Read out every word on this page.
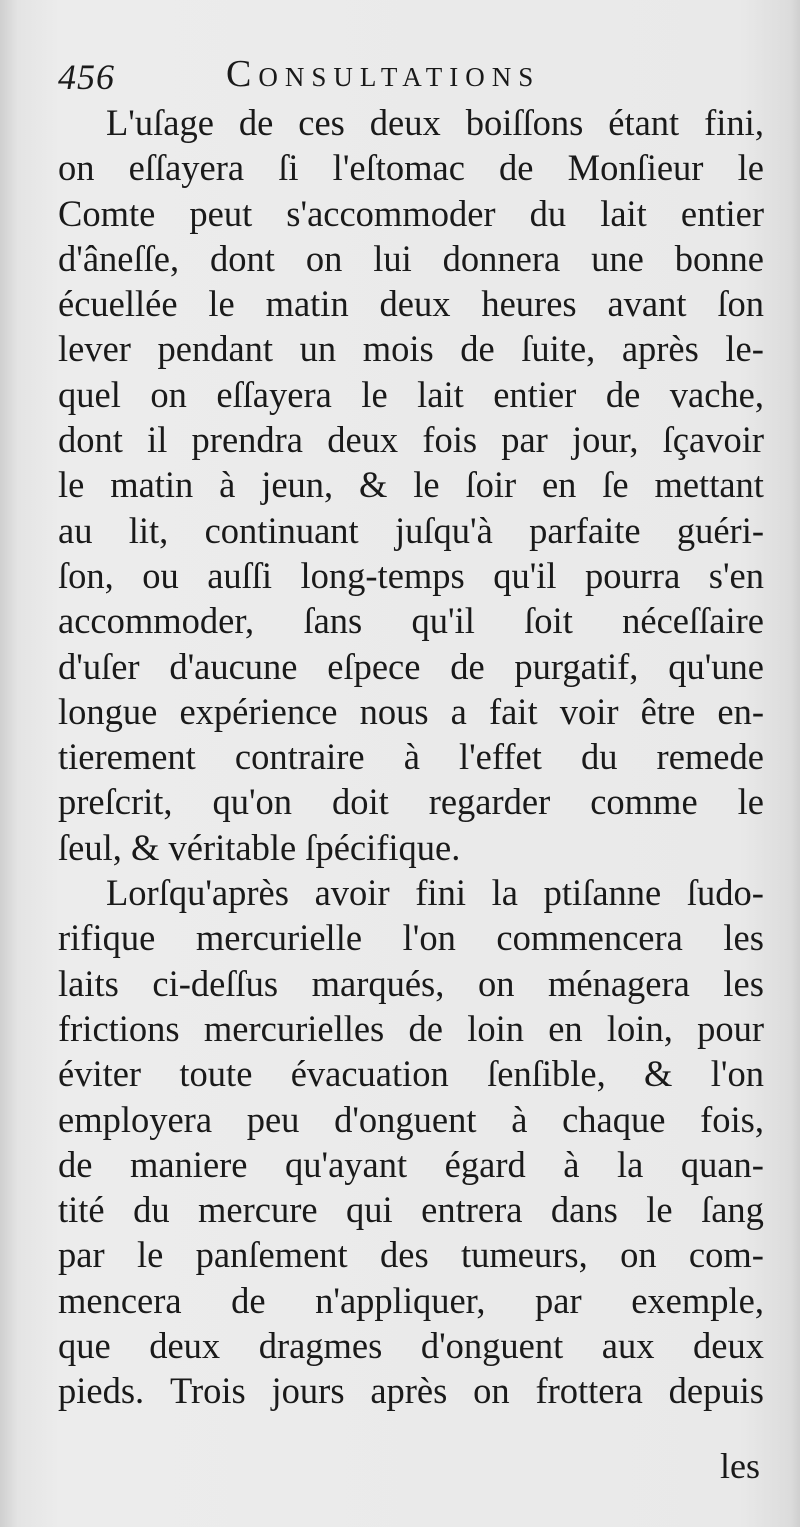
456	Consultations
L'uſage de ces deux boiſſons étant fini,
on eſſayera ſi l'eſtomac de Monſieur le
Comte peut s'accommoder du lait entier
d'âneſſe, dont on lui donnera une bonne
écuellée le matin deux heures avant ſon
lever pendant un mois de ſuite, après le-
quel on eſſayera le lait entier de vache,
dont il prendra deux fois par jour, ſçavoir
le matin à jeun, & le ſoir en ſe mettant
au lit, continuant juſqu'à parfaite guéri-
ſon, ou auſſi long-temps qu'il pourra s'en
accommoder, ſans qu'il ſoit néceſſaire
d'uſer d'aucune eſpece de purgatif, qu'une
longue expérience nous a fait voir être en-
tierement contraire à l'effet du remede
preſcrit, qu'on doit regarder comme le
ſeul, & véritable ſpécifique.
Lorſqu'après avoir fini la ptiſanne ſudo-
rifique mercurielle l'on commencera les
laits ci-deſſus marqués, on ménagera les
frictions mercurielles de loin en loin, pour
éviter toute évacuation ſenſible, & l'on
employera peu d'onguent à chaque fois,
de maniere qu'ayant égard à la quan-
tité du mercure qui entrera dans le ſang
par le panſement des tumeurs, on com-
mencera de n'appliquer, par exemple,
que deux dragmes d'onguent aux deux
pieds. Trois jours après on frottera depuis
les
